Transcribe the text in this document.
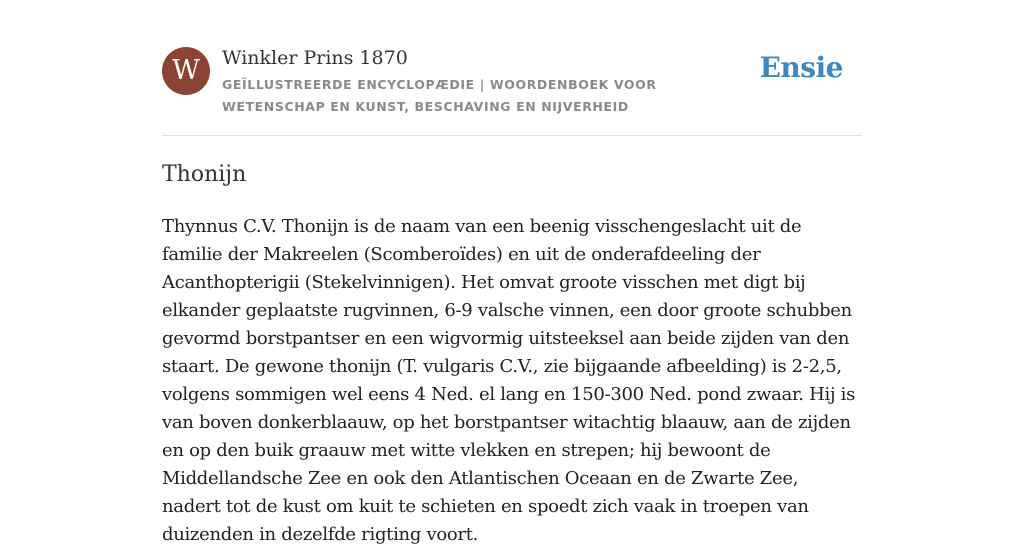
W	Winkler Prins 1870
GEÏLLUSTREERDE ENCYCLOPÆDIE | WOORDENBOEK VOOR WETENSCHAP EN KUNST, BESCHAVING EN NIJVERHEID
Ensie
Thonijn

Thynnus C.V. Thonijn is de naam van een beenig visschengeslacht uit de familie der Makreelen (Scomberoïdes) en uit de onderafdeeling der Acanthopterigii (Stekelvinnigen). Het omvat groote visschen met digt bij elkander geplaatste rugvinnen, 6-9 valsche vinnen, een door groote schubben gevormd borstpantser en een wigvormig uitsteeksel aan beide zijden van den staart. De gewone thonijn (T. vulgaris C.V., zie bijgaande afbeelding) is 2-2,5, volgens sommigen wel eens 4 Ned. el lang en 150-300 Ned. pond zwaar. Hij is van boven donkerblaauw, op het borstpantser witachtig blaauw, aan de zijden en op den buik graauw met witte vlekken en strepen; hij bewoont de Middellandsche Zee en ook den Atlantischen Oceaan en de Zwarte Zee, nadert tot de kust om kuit te schieten en spoedt zich vaak in troepen van duizenden in dezelfde rigting voort.
